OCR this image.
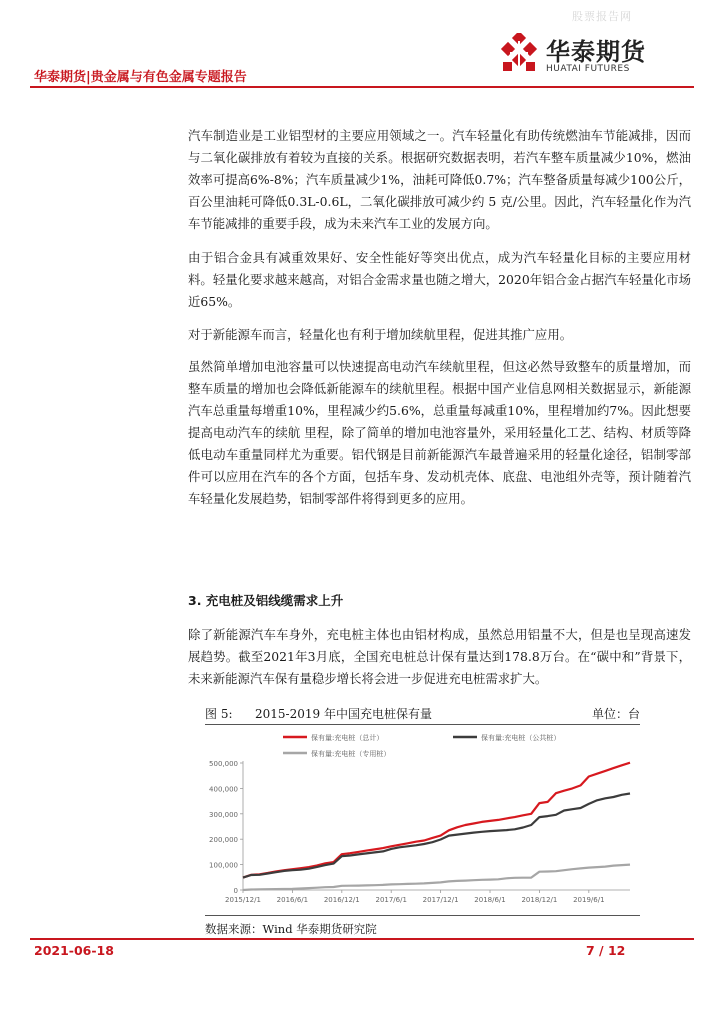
股票报告网
华泰期货
HUATAI FUTURES
华泰期货|贵金属与有色金属专题报告

汽车制造业是工业铝型材的主要应用领域之一。汽车轻量化有助传统燃油车节能减排，因而与二氧化碳排放有着较为直接的关系。根据研究数据表明，若汽车整车质量减少10%，燃油效率可提高6%-8%；汽车质量减少1%，油耗可降低0.7%；汽车整备质量每减少100公斤，百公里油耗可降低0.3L-0.6L，二氧化碳排放可减少约 5 克/公里。因此，汽车轻量化作为汽车节能减排的重要手段，成为未来汽车工业的发展方向。

由于铝合金具有减重效果好、安全性能好等突出优点，成为汽车轻量化目标的主要应用材料。轻量化要求越来越高，对铝合金需求量也随之增大，2020年铝合金占据汽车轻量化市场近65%。

对于新能源车而言，轻量化也有利于增加续航里程，促进其推广应用。

虽然简单增加电池容量可以快速提高电动汽车续航里程，但这必然导致整车的质量增加，而整车质量的增加也会降低新能源车的续航里程。根据中国产业信息网相关数据显示，新能源汽车总重量每增重10%，里程减少约5.6%，总重量每减重10%，里程增加约7%。因此想要提高电动汽车的续航 里程，除了简单的增加电池容量外，采用轻量化工艺、结构、材质等降低电动车重量同样尤为重要。铝代钢是目前新能源汽车最普遍采用的轻量化途径，铝制零部件可以应用在汽车的各个方面，包括车身、发动机壳体、底盘、电池组外壳等，预计随着汽车轻量化发展趋势，铝制零部件将得到更多的应用。

3. 充电桩及铝线缆需求上升

除了新能源汽车车身外，充电桩主体也由铝材构成，虽然总用铝量不大，但是也呈现高速发展趋势。截至2021年3月底，全国充电桩总计保有量达到178.8万台。在“碳中和”背景下，未来新能源汽车保有量稳步增长将会进一步促进充电桩需求扩大。

图 5: 2015-2019 年中国充电桩保有量	单位：台
0
100,000
200,000
300,000
400,000
500,000
2015/12/1 2016/6/1 2016/12/1 2017/6/1 2017/12/1 2018/6/1 2018/12/1 2019/6/1
保有量:充电桩（总计）	保有量:充电桩（公共桩）
保有量:充电桩（专用桩）
数据来源：Wind 华泰期货研究院
2021-06-18	7 / 12
